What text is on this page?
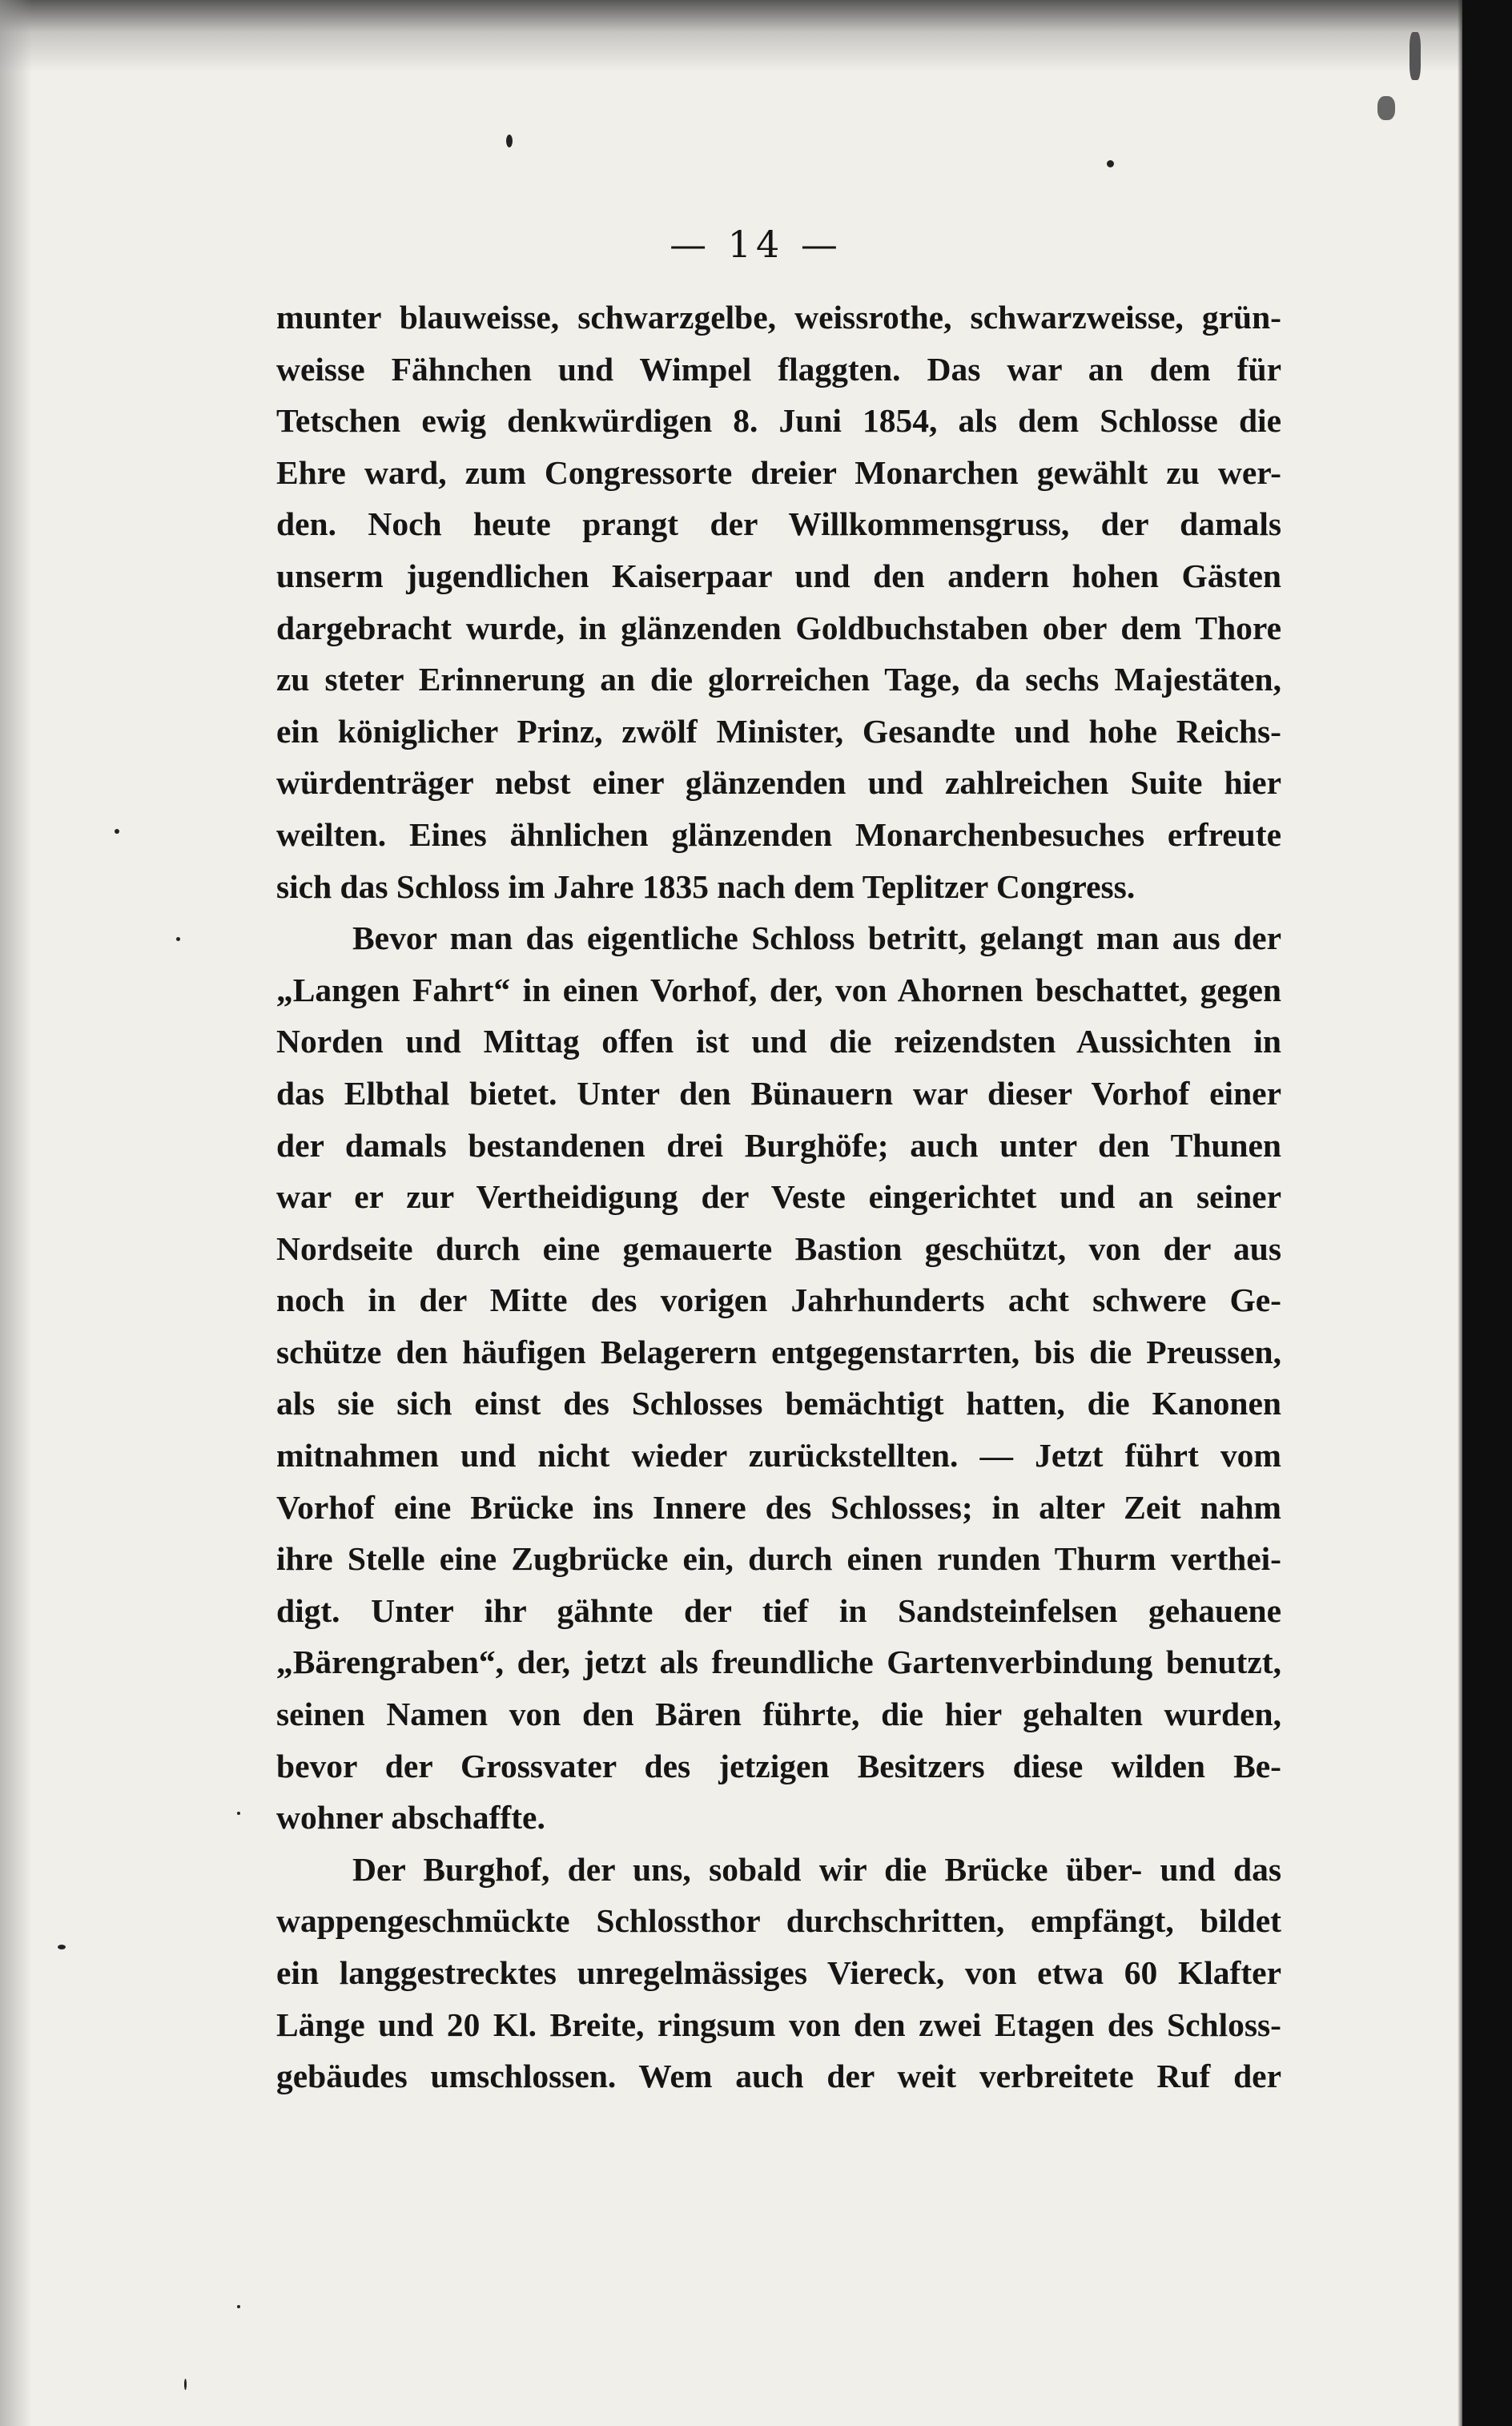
— 14 —
munter blauweisse, schwarzgelbe, weissrothe, schwarzweisse, grün-
weisse Fähnchen und Wimpel flaggten. Das war an dem für
Tetschen ewig denkwürdigen 8. Juni 1854, als dem Schlosse die
Ehre ward, zum Congressorte dreier Monarchen gewählt zu wer-
den. Noch heute prangt der Willkommensgruss, der damals
unserm jugendlichen Kaiserpaar und den andern hohen Gästen
dargebracht wurde, in glänzenden Goldbuchstaben ober dem Thore
zu steter Erinnerung an die glorreichen Tage, da sechs Majestäten,
ein königlicher Prinz, zwölf Minister, Gesandte und hohe Reichs-
würdenträger nebst einer glänzenden und zahlreichen Suite hier
weilten. Eines ähnlichen glänzenden Monarchenbesuches erfreute
sich das Schloss im Jahre 1835 nach dem Teplitzer Congress.
Bevor man das eigentliche Schloss betritt, gelangt man aus der
„Langen Fahrt“ in einen Vorhof, der, von Ahornen beschattet, gegen
Norden und Mittag offen ist und die reizendsten Aussichten in
das Elbthal bietet. Unter den Bünauern war dieser Vorhof einer
der damals bestandenen drei Burghöfe; auch unter den Thunen
war er zur Vertheidigung der Veste eingerichtet und an seiner
Nordseite durch eine gemauerte Bastion geschützt, von der aus
noch in der Mitte des vorigen Jahrhunderts acht schwere Ge-
schütze den häufigen Belagerern entgegenstarrten, bis die Preussen,
als sie sich einst des Schlosses bemächtigt hatten, die Kanonen
mitnahmen und nicht wieder zurückstellten. — Jetzt führt vom
Vorhof eine Brücke ins Innere des Schlosses; in alter Zeit nahm
ihre Stelle eine Zugbrücke ein, durch einen runden Thurm verthei-
digt. Unter ihr gähnte der tief in Sandsteinfelsen gehauene
„Bärengraben“, der, jetzt als freundliche Gartenverbindung benutzt,
seinen Namen von den Bären führte, die hier gehalten wurden,
bevor der Grossvater des jetzigen Besitzers diese wilden Be-
wohner abschaffte.
Der Burghof, der uns, sobald wir die Brücke über- und das
wappengeschmückte Schlossthor durchschritten, empfängt, bildet
ein langgestrecktes unregelmässiges Viereck, von etwa 60 Klafter
Länge und 20 Kl. Breite, ringsum von den zwei Etagen des Schloss-
gebäudes umschlossen. Wem auch der weit verbreitete Ruf der
